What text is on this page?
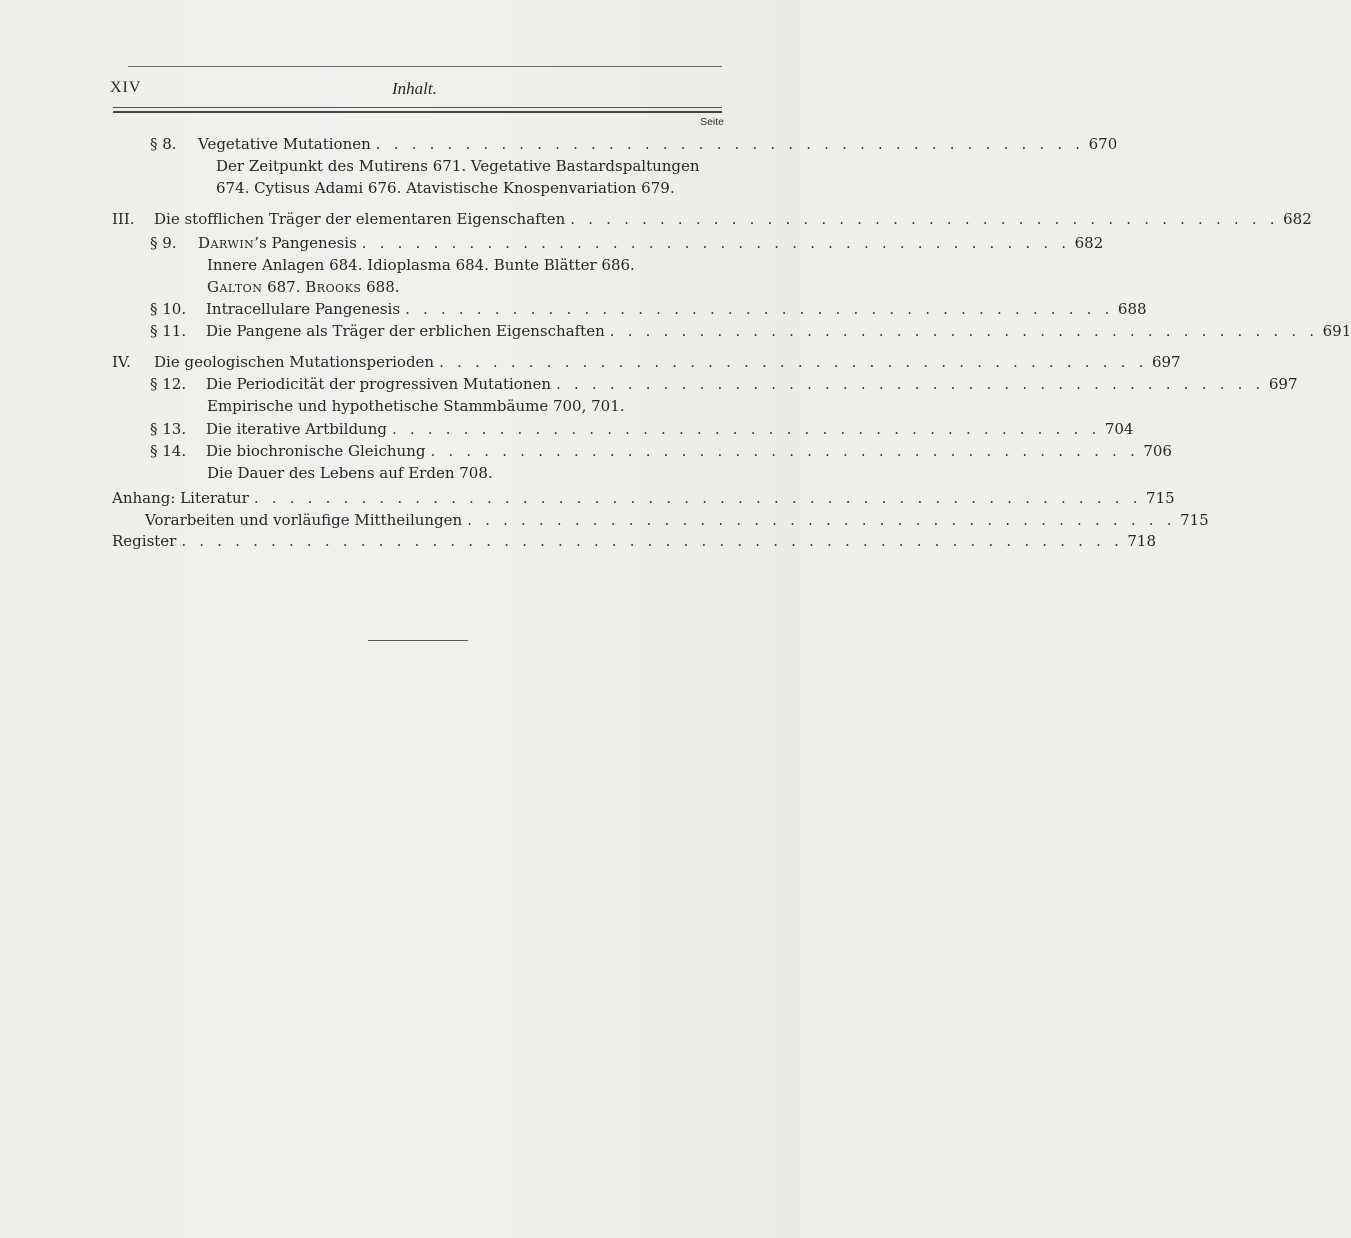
XIV	Inhalt.
Seite
§ 8.	Vegetative Mutationen . . . . . . . . . . . . . . . . . . . . . . . . . . . . . . . . . . . . . . . . 670
Der Zeitpunkt des Mutirens 671. Vegetative Bastardspaltungen
674. Cytisus Adami 676. Atavistische Knospenvariation 679.
III.	Die stofflichen Träger der elementaren Eigenschaften . . . . . . . . . . . . . . . . . . . . . . . . . . . . . . . . . . . . . . . . 682
§ 9.	Darwin’s Pangenesis . . . . . . . . . . . . . . . . . . . . . . . . . . . . . . . . . . . . . . . . 682
Innere Anlagen 684. Idioplasma 684. Bunte Blätter 686.
Galton 687. Brooks 688.
§ 10.	Intracellulare Pangenesis . . . . . . . . . . . . . . . . . . . . . . . . . . . . . . . . . . . . . . . . 688
§ 11.	Die Pangene als Träger der erblichen Eigenschaften . . . . . . . . . . . . . . . . . . . . . . . . . . . . . . . . . . . . . . . . 691
IV.	Die geologischen Mutationsperioden . . . . . . . . . . . . . . . . . . . . . . . . . . . . . . . . . . . . . . . . 697
§ 12.	Die Periodicität der progressiven Mutationen . . . . . . . . . . . . . . . . . . . . . . . . . . . . . . . . . . . . . . . . 697
Empirische und hypothetische Stammbäume 700, 701.
§ 13.	Die iterative Artbildung . . . . . . . . . . . . . . . . . . . . . . . . . . . . . . . . . . . . . . . . 704
§ 14.	Die biochronische Gleichung . . . . . . . . . . . . . . . . . . . . . . . . . . . . . . . . . . . . . . . . 706
Die Dauer des Lebens auf Erden 708.
Anhang: Literatur . . . . . . . . . . . . . . . . . . . . . . . . . . . . . . . . . . . . . . . . . . . . . . . . . . 715
Vorarbeiten und vorläufige Mittheilungen . . . . . . . . . . . . . . . . . . . . . . . . . . . . . . . . . . . . . . . . 715
Register . . . . . . . . . . . . . . . . . . . . . . . . . . . . . . . . . . . . . . . . . . . . . . . . . . . . . 718
